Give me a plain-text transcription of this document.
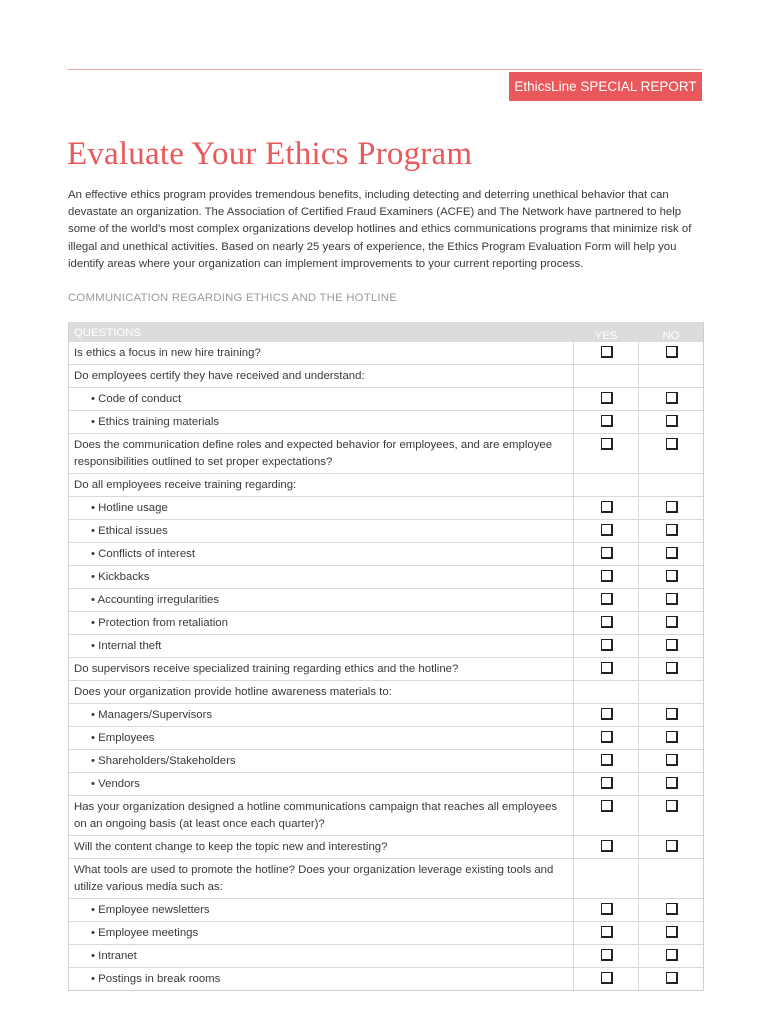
EthicsLine SPECIAL REPORT
Evaluate Your Ethics Program

An effective ethics program provides tremendous benefits, including detecting and deterring unethical behavior that can devastate an organization. The Association of Certified Fraud Examiners (ACFE) and The Network have partnered to help some of the world’s most complex organizations develop hotlines and ethics communications programs that minimize risk of illegal and unethical activities. Based on nearly 25 years of experience, the Ethics Program Evaluation Form will help you identify areas where your organization can implement improvements to your current reporting process.

COMMUNICATION REGARDING ETHICS AND THE HOTLINE
QUESTIONS	YES	NO
Is ethics a focus in new hire training?
Do employees certify they have received and understand:
• Code of conduct
• Ethics training materials
Does the communication define roles and expected behavior for employees, and are employee responsibilities outlined to set proper expectations?
Do all employees receive training regarding:
• Hotline usage
• Ethical issues
• Conflicts of interest
• Kickbacks
• Accounting irregularities
• Protection from retaliation
• Internal theft
Do supervisors receive specialized training regarding ethics and the hotline?
Does your organization provide hotline awareness materials to:
• Managers/Supervisors
• Employees
• Shareholders/Stakeholders
• Vendors
Has your organization designed a hotline communications campaign that reaches all employees on an ongoing basis (at least once each quarter)?
Will the content change to keep the topic new and interesting?
What tools are used to promote the hotline? Does your organization leverage existing tools and utilize various media such as:
• Employee newsletters
• Employee meetings
• Intranet
• Postings in break rooms
